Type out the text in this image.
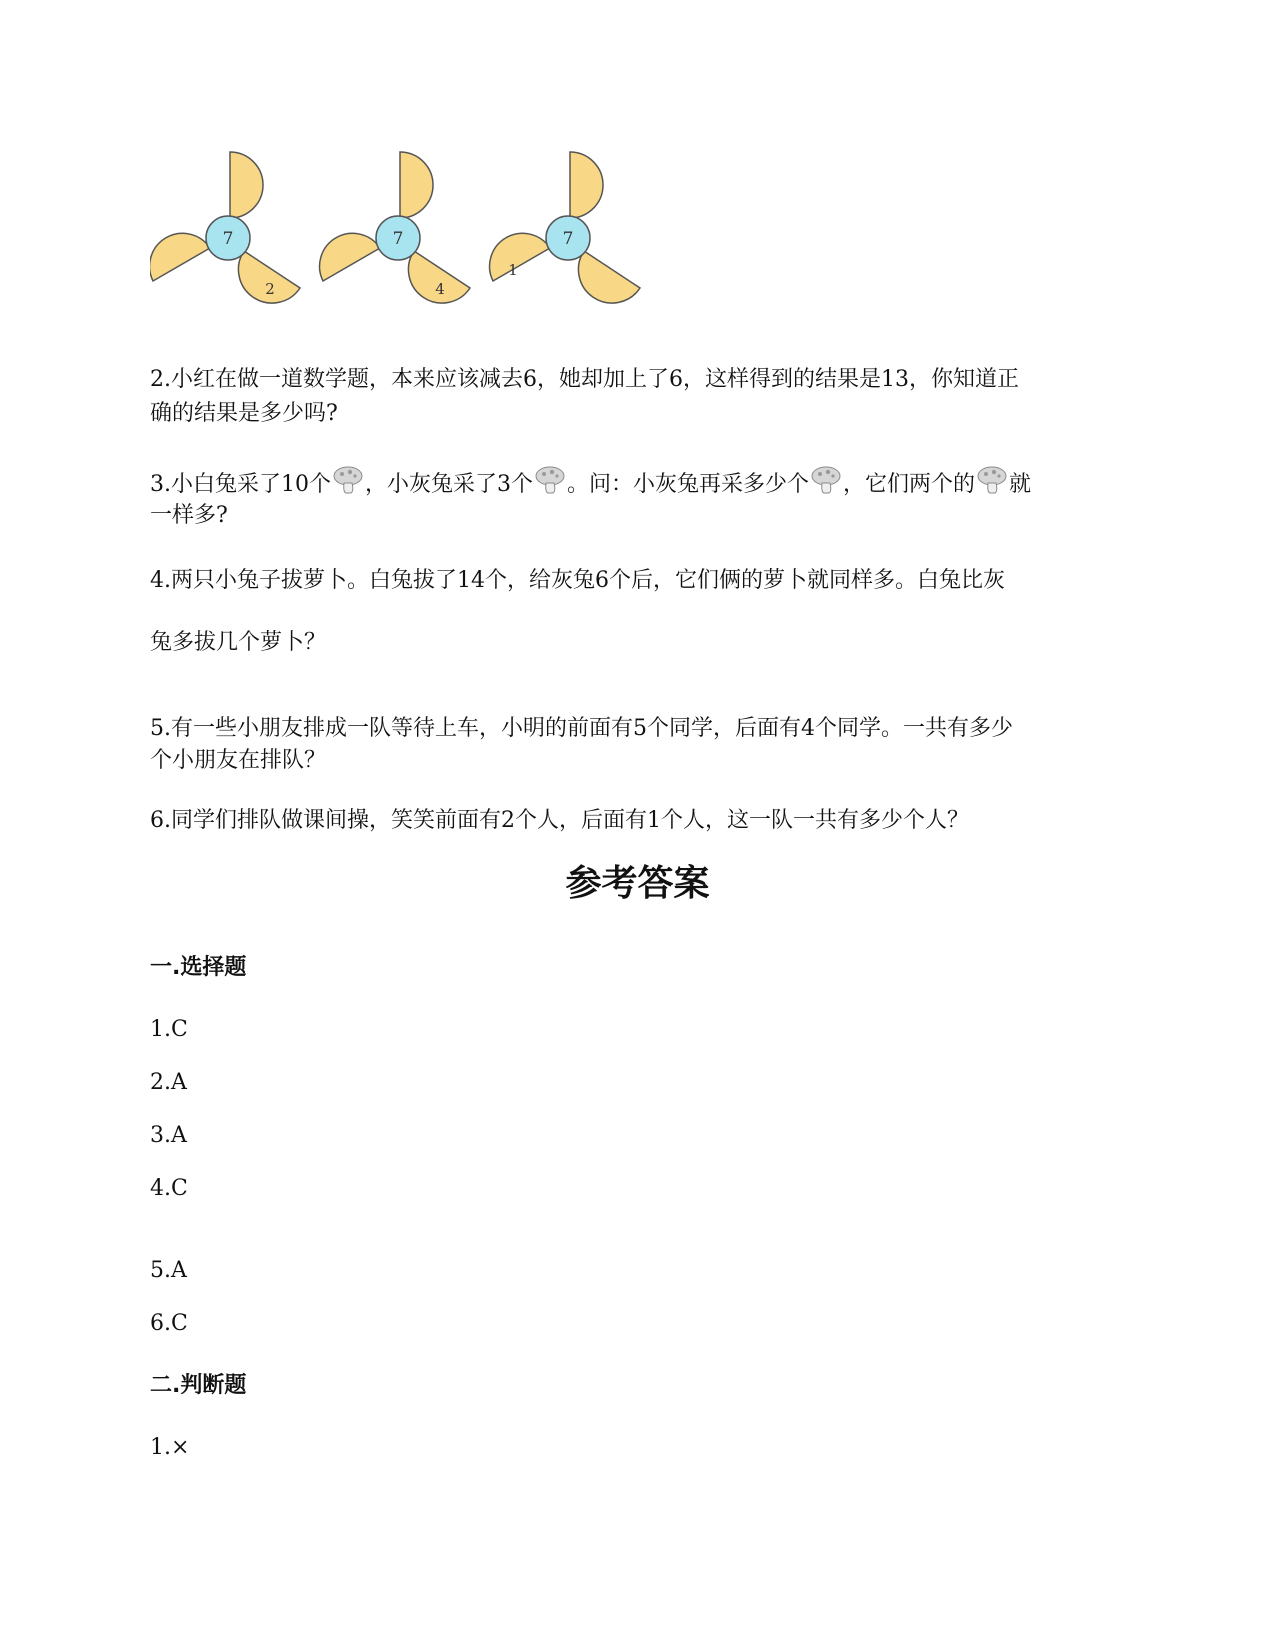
7
2
7
4
7
1
2.小红在做一道数学题，本来应该减去6，她却加上了6，这样得到的结果是13，你知道正
确的结果是多少吗?
3.小白兔采了10个 ，小灰兔采了3个 。问：小灰兔再采多少个 ，它们两个的 就
一样多?
4.两只小兔子拔萝卜。白兔拔了14个，给灰兔6个后，它们俩的萝卜就同样多。白兔比灰
兔多拔几个萝卜？
5.有一些小朋友排成一队等待上车，小明的前面有5个同学，后面有4个同学。一共有多少
个小朋友在排队？
6.同学们排队做课间操，笑笑前面有2个人，后面有1个人，这一队一共有多少个人？
参考答案
一.选择题
1.C
2.A
3.A
4.C
5.A
6.C
二.判断题
1.×
